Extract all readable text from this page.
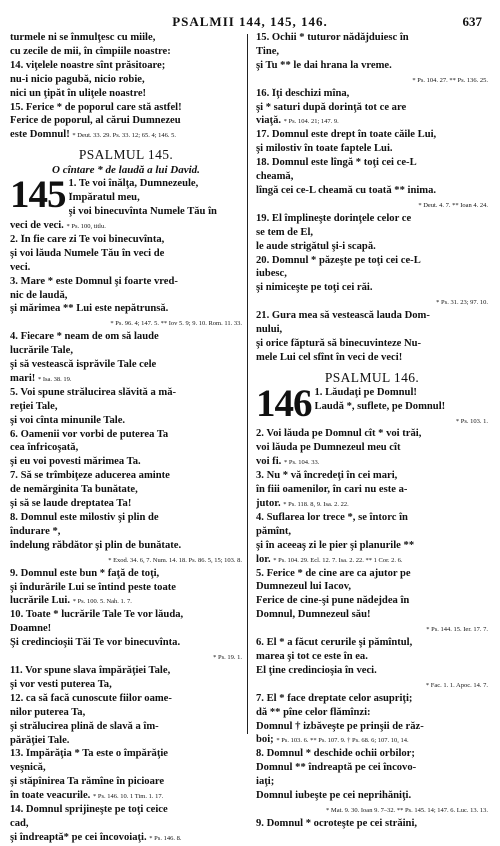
PSALMII 144, 145, 146.	637
turmele ni se înmulţesc cu miile,
cu zecile de mii, în cîmpiile noastre:
14. viţelele noastre sînt prăsitoare;
nu-i nicio pagubă, nicio robie,
nici un ţipăt în uliţele noastre!
15. Ferice * de poporul care stă astfel!
Ferice de poporul, al cărui Dumnezeu
este Domnul! * Deut. 33. 29. Ps. 33. 12; 65. 4; 146. 5.
PSALMUL 145.
O cîntare * de laudă a lui David.
145 1. Te voi înălţa, Dumnezeule,
Împăratul meu,
şi voi binecuvînta Numele Tău în
veci de veci. * Ps. 100, titlu.
2. În fie care zi Te voi binecuvînta,
şi voi lăuda Numele Tău în veci de
veci.
3. Mare * este Domnul şi foarte vred-
nic de laudă,
şi mărimea ** Lui este nepătrunsă.
* Ps. 96. 4; 147. 5. ** Iov 5. 9; 9. 10. Rom. 11. 33.
4. Fiecare * neam de om să laude
lucrările Tale,
şi să vestească isprăvile Tale cele
mari! * Isa. 38. 19.
5. Voi spune strălucirea slăvită a mă-
reţiei Tale,
şi voi cînta minunile Tale.
6. Oamenii vor vorbi de puterea Ta
cea înfricoşată,
şi eu voi povesti mărimea Ta.
7. Să se trîmbiţeze aducerea aminte
de nemărginita Ta bunătate,
şi să se laude dreptatea Ta!
8. Domnul este milostiv şi plin de
îndurare *,
îndelung răbdător şi plin de bunătate.
* Exod. 34. 6, 7. Num. 14. 18. Ps. 86. 5, 15; 103. 8.
9. Domnul este bun * faţă de toţi,
şi îndurările Lui se întind peste toate
lucrările Lui. * Ps. 100. 5. Nah. 1. 7.
10. Toate * lucrările Tale Te vor lăuda,
Doamne!
Şi credincioşii Tăi Te vor binecuvînta.
* Ps. 19. 1.
11. Vor spune slava împărăţiei Tale,
şi vor vesti puterea Ta,
12. ca să facă cunoscute fiilor oame-
nilor puterea Ta,
şi strălucirea plină de slavă a îm-
părăţiei Tale.
13. Împărăţia * Ta este o împărăţie
veşnică,
şi stăpînirea Ta rămîne în picioare
în toate veacurile. * Ps. 146. 10. 1 Tim. 1. 17.
14. Domnul sprijineşte pe toţi ceice
cad,
şi îndreaptă* pe cei încovoiaţi. * Ps. 146. 8.
15. Ochii * tuturor nădăjduiesc în
Tine,
şi Tu ** le dai hrana la vreme.
* Ps. 104. 27. ** Ps. 136. 25.
16. Îţi deschizi mîna,
şi * saturi după dorinţă tot ce are
viaţă. * Ps. 104. 21; 147. 9.
17. Domnul este drept în toate căile Lui,
şi milostiv în toate faptele Lui.
18. Domnul este lîngă * toţi cei ce-L
cheamă,
lîngă cei ce-L cheamă cu toată ** inima.
* Deut. 4. 7. ** Ioan 4. 24.
19. El împlineşte dorinţele celor ce
se tem de El,
le aude strigătul şi-i scapă.
20. Domnul * păzeşte pe toţi cei ce-L
iubesc,
şi nimiceşte pe toţi cei răi.
* Ps. 31. 23; 97. 10.
21. Gura mea să vestească lauda Dom-
nului,
şi orice făptură să binecuvinteze Nu-
mele Lui cel sfînt în veci de veci!
PSALMUL 146.
146 1. Lăudaţi pe Domnul!
Laudă *, suflete, pe Domnul!
* Ps. 103. 1.
2. Voi lăuda pe Domnul cît * voi trăi,
voi lăuda pe Dumnezeul meu cît
voi fi. * Ps. 104. 33.
3. Nu * vă încredeţi în cei mari,
în fiii oamenilor, în cari nu este a-
jutor. * Ps. 118. 8, 9. Isa. 2. 22.
4. Suflarea lor trece *, se întorc în
pămînt,
şi în aceeaş zi le pier şi planurile **
lor. * Ps. 104. 29. Ecl. 12. 7. Isa. 2. 22. ** 1 Cor. 2. 6.
5. Ferice * de cine are ca ajutor pe
Dumnezeul lui Iacov,
Ferice de cine-şi pune nădejdea în
Domnul, Dumnezeul său!
* Ps. 144. 15. Ier. 17. 7.
6. El * a făcut cerurile şi pămîntul,
marea şi tot ce este în ea.
El ţine credincioşia în veci.
* Fac. 1. 1. Apoc. 14. 7.
7. El * face dreptate celor asupriţi;
dă ** pîne celor flămînzi:
Domnul † izbăveşte pe prinşii de răz-
boi; * Ps. 103. 6. ** Ps. 107. 9. † Ps. 68. 6; 107. 10, 14.
8. Domnul * deschide ochii orbilor;
Domnul ** îndreaptă pe cei încovo-
iaţi;
Domnul iubeşte pe cei neprihăniţi.
* Mat. 9. 30. Ioan 9. 7–32. ** Ps. 145. 14; 147. 6. Luc. 13. 13.
9. Domnul * ocroteşte pe cei străini,
